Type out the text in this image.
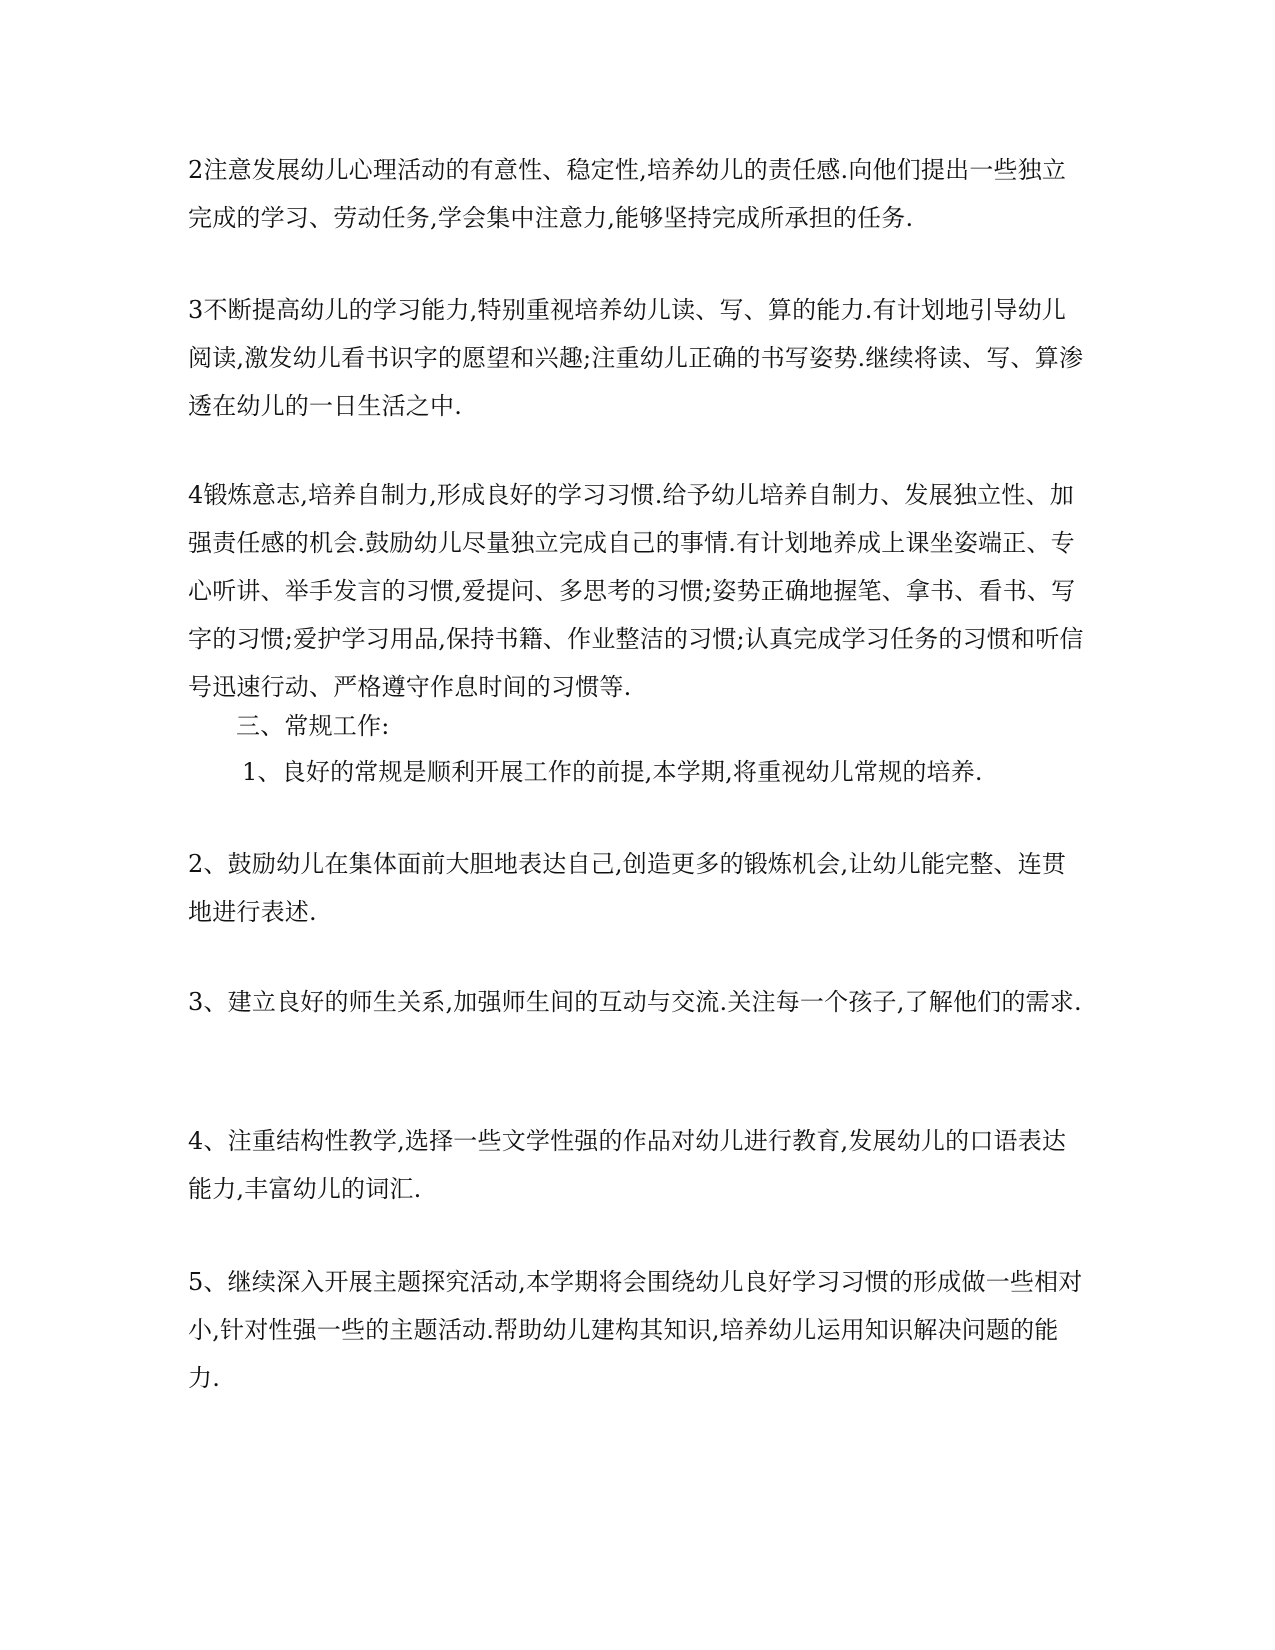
2注意发展幼儿心理活动的有意性、稳定性,培养幼儿的责任感.向他们提出一些独立完成的学习、劳动任务,学会集中注意力,能够坚持完成所承担的任务.

3不断提高幼儿的学习能力,特别重视培养幼儿读、写、算的能力.有计划地引导幼儿阅读,激发幼儿看书识字的愿望和兴趣;注重幼儿正确的书写姿势.继续将读、写、算渗透在幼儿的一日生活之中.

4锻炼意志,培养自制力,形成良好的学习习惯.给予幼儿培养自制力、发展独立性、加强责任感的机会.鼓励幼儿尽量独立完成自己的事情.有计划地养成上课坐姿端正、专心听讲、举手发言的习惯,爱提问、多思考的习惯;姿势正确地握笔、拿书、看书、写字的习惯;爱护学习用品,保持书籍、作业整洁的习惯;认真完成学习任务的习惯和听信号迅速行动、严格遵守作息时间的习惯等.

三、常规工作:

1、良好的常规是顺利开展工作的前提,本学期,将重视幼儿常规的培养.

2、鼓励幼儿在集体面前大胆地表达自己,创造更多的锻炼机会,让幼儿能完整、连贯地进行表述.

3、建立良好的师生关系,加强师生间的互动与交流.关注每一个孩子,了解他们的需求.

4、注重结构性教学,选择一些文学性强的作品对幼儿进行教育,发展幼儿的口语表达能力,丰富幼儿的词汇.

5、继续深入开展主题探究活动,本学期将会围绕幼儿良好学习习惯的形成做一些相对小,针对性强一些的主题活动.帮助幼儿建构其知识,培养幼儿运用知识解决问题的能力.
